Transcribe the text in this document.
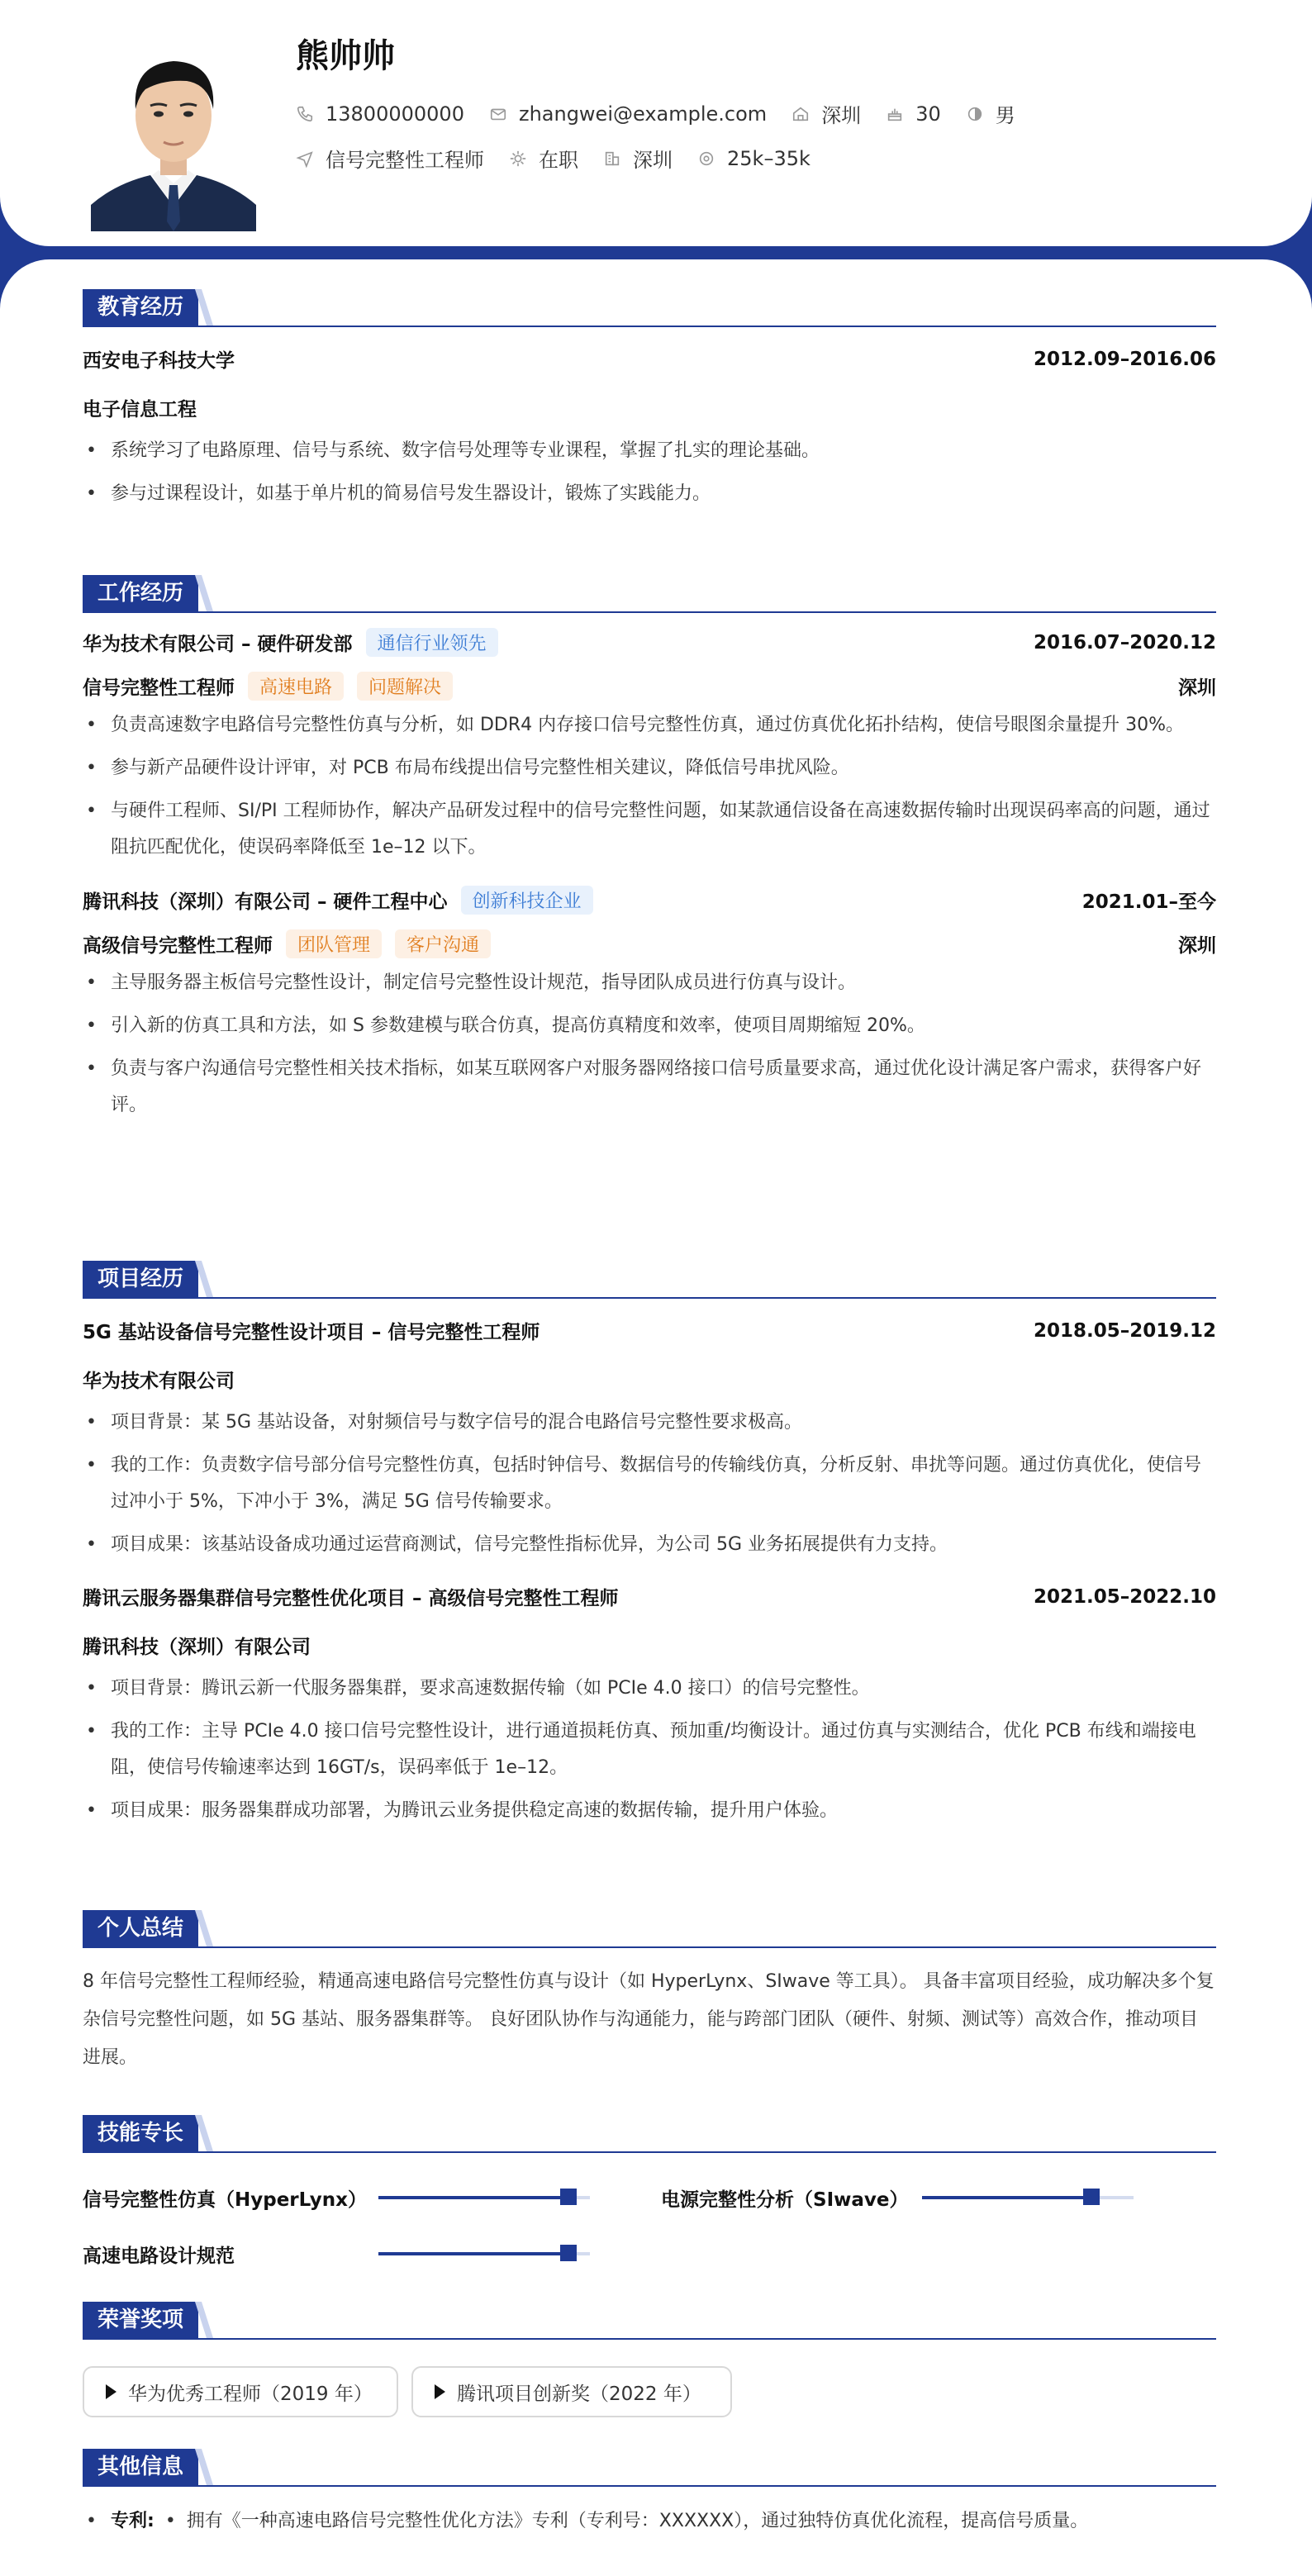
熊帅帅
13800000000	zhangwei@example.com	深圳	30	男
信号完整性工程师	在职	深圳	25k–35k
教育经历
西安电子科技大学	2012.09–2016.06
电子信息工程
• 系统学习了电路原理、信号与系统、数字信号处理等专业课程，掌握了扎实的理论基础。
• 参与过课程设计，如基于单片机的简易信号发生器设计，锻炼了实践能力。
工作经历
华为技术有限公司 – 硬件研发部	通信行业领先	2016.07–2020.12
信号完整性工程师	高速电路	问题解决	深圳
• 负责高速数字电路信号完整性仿真与分析，如 DDR4 内存接口信号完整性仿真，通过仿真优化拓扑结构，使信号眼图余量提升 30%。
• 参与新产品硬件设计评审，对 PCB 布局布线提出信号完整性相关建议，降低信号串扰风险。
• 与硬件工程师、SI/PI 工程师协作，解决产品研发过程中的信号完整性问题，如某款通信设备在高速数据传输时出现误码率高的问题，通过阻抗匹配优化，使误码率降低至 1e–12 以下。
腾讯科技（深圳）有限公司 – 硬件工程中心	创新科技企业	2021.01–至今
高级信号完整性工程师	团队管理	客户沟通	深圳
• 主导服务器主板信号完整性设计，制定信号完整性设计规范，指导团队成员进行仿真与设计。
• 引入新的仿真工具和方法，如 S 参数建模与联合仿真，提高仿真精度和效率，使项目周期缩短 20%。
• 负责与客户沟通信号完整性相关技术指标，如某互联网客户对服务器网络接口信号质量要求高，通过优化设计满足客户需求，获得客户好评。
项目经历
5G 基站设备信号完整性设计项目 – 信号完整性工程师	2018.05–2019.12
华为技术有限公司
• 项目背景：某 5G 基站设备，对射频信号与数字信号的混合电路信号完整性要求极高。
• 我的工作：负责数字信号部分信号完整性仿真，包括时钟信号、数据信号的传输线仿真，分析反射、串扰等问题。通过仿真优化，使信号过冲小于 5%，下冲小于 3%，满足 5G 信号传输要求。
• 项目成果：该基站设备成功通过运营商测试，信号完整性指标优异，为公司 5G 业务拓展提供有力支持。
腾讯云服务器集群信号完整性优化项目 – 高级信号完整性工程师	2021.05–2022.10
腾讯科技（深圳）有限公司
• 项目背景：腾讯云新一代服务器集群，要求高速数据传输（如 PCIe 4.0 接口）的信号完整性。
• 我的工作：主导 PCIe 4.0 接口信号完整性设计，进行通道损耗仿真、预加重/均衡设计。通过仿真与实测结合，优化 PCB 布线和端接电阻，使信号传输速率达到 16GT/s，误码率低于 1e–12。
• 项目成果：服务器集群成功部署，为腾讯云业务提供稳定高速的数据传输，提升用户体验。
个人总结
8 年信号完整性工程师经验，精通高速电路信号完整性仿真与设计（如 HyperLynx、SIwave 等工具）。 具备丰富项目经验，成功解决多个复杂信号完整性问题，如 5G 基站、服务器集群等。 良好团队协作与沟通能力，能与跨部门团队（硬件、射频、测试等）高效合作，推动项目进展。
技能专长
信号完整性仿真（HyperLynx）	电源完整性分析（SIwave）
高速电路设计规范
荣誉奖项
华为优秀工程师（2019 年）	腾讯项目创新奖（2022 年）
其他信息
• 专利: • 拥有《一种高速电路信号完整性优化方法》专利（专利号：XXXXXX），通过独特仿真优化流程，提高信号质量。
